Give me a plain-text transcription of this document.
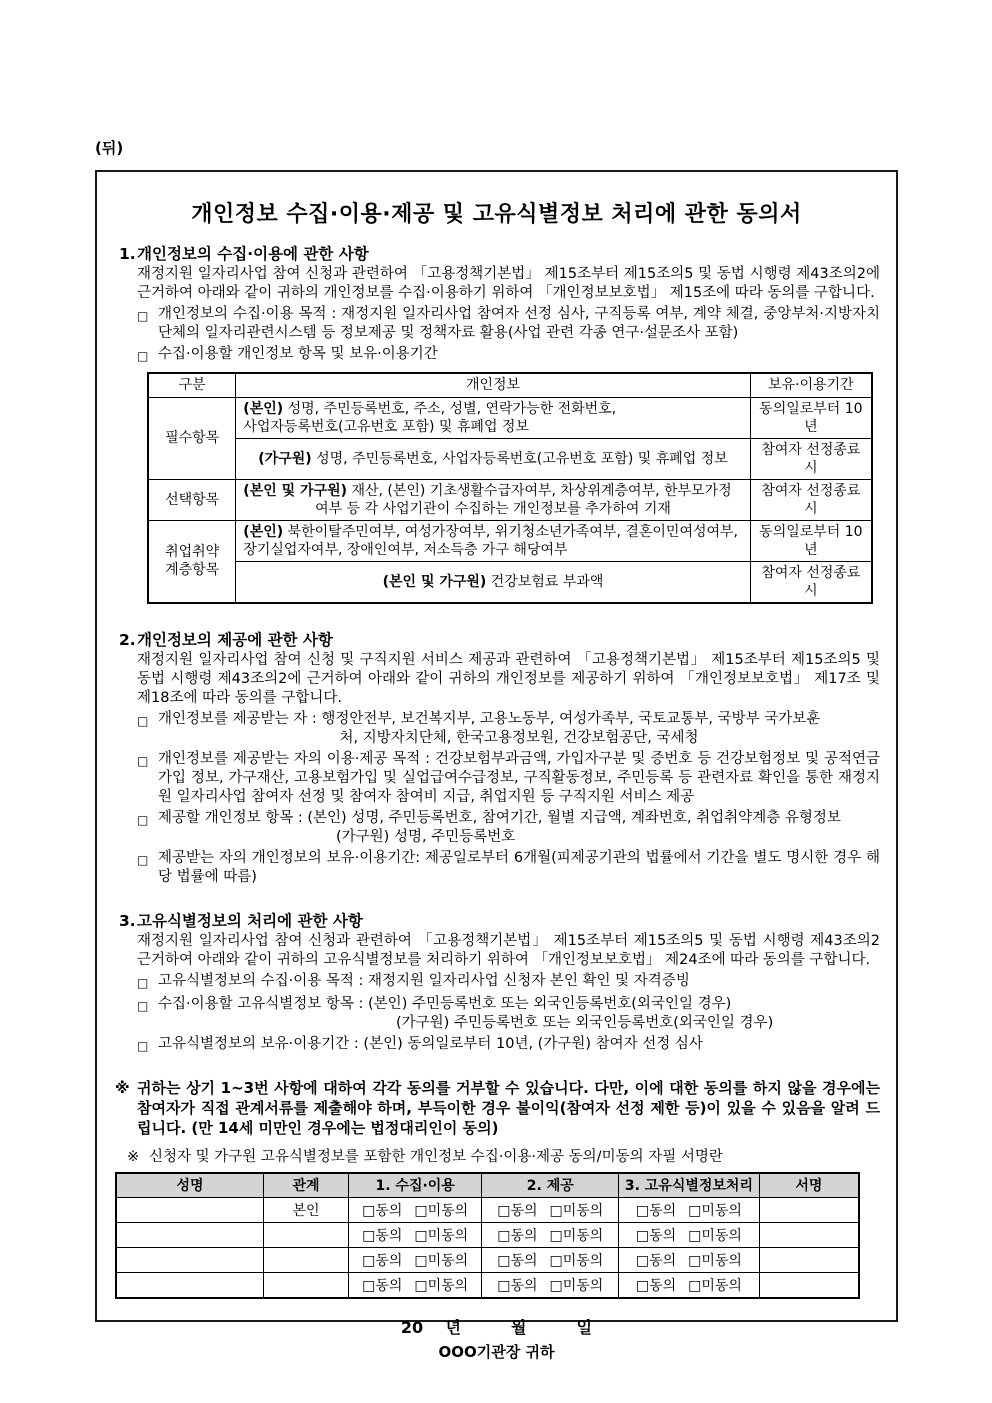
(뒤)
개인정보 수집·이용·제공 및 고유식별정보 처리에 관한 동의서
1. 개인정보의 수집·이용에 관한 사항
재정지원 일자리사업 참여 신청과 관련하여 「고용정책기본법」 제15조부터 제15조의5 및 동법 시행령 제43조의2에 근거하여 아래와 같이 귀하의 개인정보를 수집·이용하기 위하여 「개인정보보호법」 제15조에 따라 동의를 구합니다.
□ 개인정보의 수집·이용 목적 : 재정지원 일자리사업 참여자 선정 심사, 구직등록 여부, 계약 체결, 중앙부처·지방자치단체의 일자리관련시스템 등 정보제공 및 정책자료 활용(사업 관련 각종 연구·설문조사 포함)
□ 수집·이용할 개인정보 항목 및 보유·이용기간
구분	개인정보	보유·이용기간
필수항목	(본인) 성명, 주민등록번호, 주소, 성별, 연락가능한 전화번호,
사업자등록번호(고유번호 포함) 및 휴폐업 정보	동의일로부터 10년
	(가구원) 성명, 주민등록번호, 사업자등록번호(고유번호 포함) 및 휴폐업 정보	참여자 선정종료시
선택항목	(본인 및 가구원) 재산, (본인) 기초생활수급자여부, 차상위계층여부, 한부모가정
여부 등 각 사업기관이 수집하는 개인정보를 추가하여 기재	참여자 선정종료시
취업취약
계층항목	(본인) 북한이탈주민여부, 여성가장여부, 위기청소년가족여부, 결혼이민여성여부, 장기실업자여부, 장애인여부, 저소득층 가구 해당여부	동의일로부터 10년
	(본인 및 가구원) 건강보험료 부과액	참여자 선정종료시
2. 개인정보의 제공에 관한 사항
재정지원 일자리사업 참여 신청 및 구직지원 서비스 제공과 관련하여 「고용정책기본법」 제15조부터 제15조의5 및 동법 시행령 제43조의2에 근거하여 아래와 같이 귀하의 개인정보를 제공하기 위하여 「개인정보보호법」 제17조 및 제18조에 따라 동의를 구합니다.
□ 개인정보를 제공받는 자 : 행정안전부, 보건복지부, 고용노동부, 여성가족부, 국토교통부, 국방부 국가보훈
처, 지방자치단체, 한국고용정보원, 건강보험공단, 국세청
□ 개인정보를 제공받는 자의 이용·제공 목적 : 건강보험부과금액, 가입자구분 및 증번호 등 건강보험정보 및 공적연금가입 정보, 가구재산, 고용보험가입 및 실업급여수급정보, 구직활동정보, 주민등록 등 관련자료 확인을 통한 재정지원 일자리사업 참여자 선정 및 참여자 참여비 지급, 취업지원 등 구직지원 서비스 제공
□ 제공할 개인정보 항목 : (본인) 성명, 주민등록번호, 참여기간, 월별 지급액, 계좌번호, 취업취약계층 유형정보
(가구원) 성명, 주민등록번호
□ 제공받는 자의 개인정보의 보유·이용기간: 제공일로부터 6개월(피제공기관의 법률에서 기간을 별도 명시한 경우 해당 법률에 따름)
3. 고유식별정보의 처리에 관한 사항
재정지원 일자리사업 참여 신청과 관련하여 「고용정책기본법」 제15조부터 제15조의5 및 동법 시행령 제43조의2 근거하여 아래와 같이 귀하의 고유식별정보를 처리하기 위하여 「개인정보보호법」 제24조에 따라 동의를 구합니다.
□ 고유식별정보의 수집·이용 목적 : 재정지원 일자리사업 신청자 본인 확인 및 자격증빙
□ 수집·이용할 고유식별정보 항목 : (본인) 주민등록번호 또는 외국인등록번호(외국인일 경우)
(가구원) 주민등록번호 또는 외국인등록번호(외국인일 경우)
□ 고유식별정보의 보유·이용기간 : (본인) 동의일로부터 10년, (가구원) 참여자 선정 심사
※ 귀하는 상기 1~3번 사항에 대하여 각각 동의를 거부할 수 있습니다. 다만, 이에 대한 동의를 하지 않을 경우에는 참여자가 직접 관계서류를 제출해야 하며, 부득이한 경우 불이익(참여자 선정 제한 등)이 있을 수 있음을 알려 드립니다. (만 14세 미만인 경우에는 법정대리인이 동의)
※ 신청자 및 가구원 고유식별정보를 포함한 개인정보 수집·이용·제공 동의/미동의 자필 서명란
성명	관계	1. 수집·이용	2. 제공	3. 고유식별정보처리	서명
	본인	□동의 □미동의	□동의 □미동의	□동의 □미동의	
		□동의 □미동의	□동의 □미동의	□동의 □미동의	
		□동의 □미동의	□동의 □미동의	□동의 □미동의	
		□동의 □미동의	□동의 □미동의	□동의 □미동의	
20    년         월         일
OOO기관장 귀하
